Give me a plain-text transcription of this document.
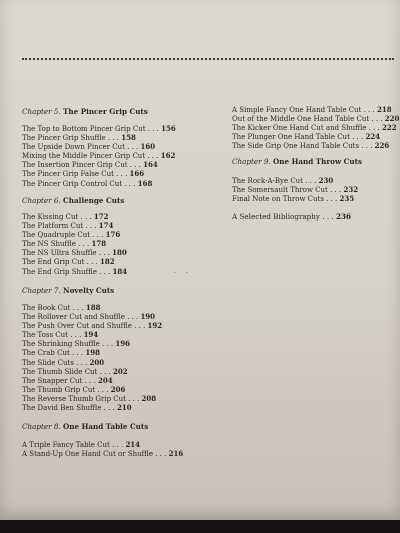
Chapter 5. The Pincer Grip Cuts
The Top to Bottom Pincer Grip Cut . . . 156
The Pincer Grip Shuffle . . . 158
The Upside Down Pincer Cut . . . 160
Mixing the Middle Pincer Grip Cut . . . 162
The Insertion Pincer Grip Cut . . . 164
The Pincer Grip False Cut . . . 166
The Pincer Grip Control Cut . . . 168
Chapter 6. Challenge Cuts
The Kissing Cut . . . 172
The Platform Cut . . . 174
The Quadruple Cut . . . 176
The NS Shuffle . . . 178
The NS Ultra Shuffle . . . 180
The End Grip Cut . . . 182
The End Grip Shuffle . . . 184
Chapter 7. Novelty Cuts
The Book Cut . . . 188
The Rollover Cut and Shuffle . . . 190
The Push Over Cut and Shuffle . . . 192
The Toss Cut . . . 194
The Shrinking Shuffle . . . 196
The Crab Cut . . . 198
The Slide Cuts . . . 200
The Thumb Slide Cut . . . 202
The Snapper Cut . . . 204
The Thumb Grip Cut . . . 206
The Reverse Thumb Grip Cut . . . 208
The David Ben Shuffle . . . 210
Chapter 8. One Hand Table Cuts
A Triple Fancy Table Cut . . . 214
A Stand-Up One Hand Cut or Shuffle . . . 216
A Simple Fancy One Hand Table Cut . . . 218
Out of the Middle One Hand Table Cut . . . 220
The Kicker One Hand Cut and Shuffle . . . 222
The Plunger One Hand Table Cut . . . 224
The Side Grip One Hand Table Cuts . . . 226
Chapter 9. One Hand Throw Cuts
The Rock-A-Bye Cut . . . 230
The Somersault Throw Cut . . . 232
Final Note on Throw Cuts . . . 235
A Selected Bibliography . . . 236
· ·
